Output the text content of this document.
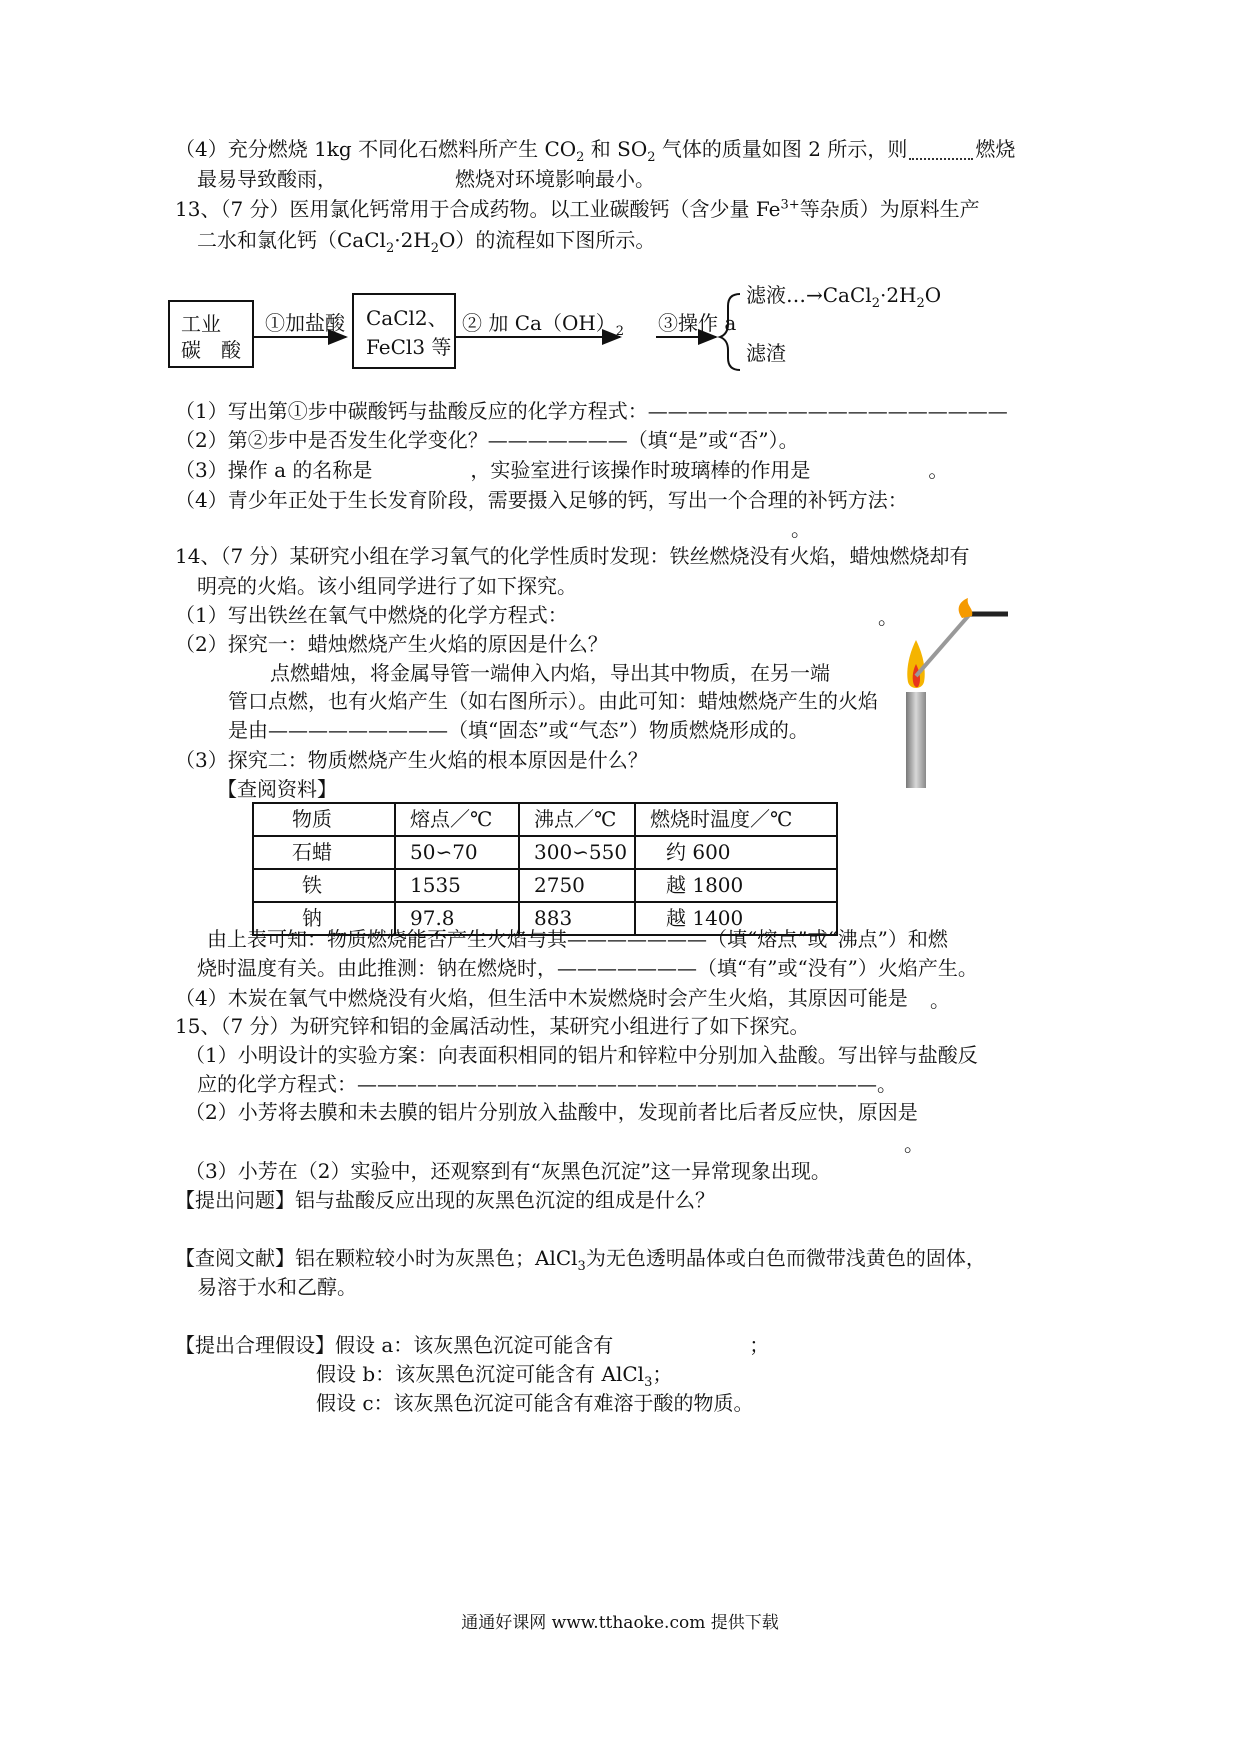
（4）充分燃烧 1kg 不同化石燃料所产生 $CO_2$ 和 $SO_2$ 气体的质量如图 2 所示，则	燃烧
最易导致酸雨，	燃烧对环境影响最小。
13、（7 分）医用氯化钙常用于合成药物。以工业碳酸钙（含少量 $Fe^{3+}$等杂质）为原料生产
二水和氯化钙$(CaCl_2\cdot 2H_2O)$的流程如下图所示。
工业
碳　酸
①加盐酸 CaCl2、
FeCl3 等
② 加 $Ca(OH)_2$ ③操作 a
滤液$\dots\to CaCl_2\cdot 2H_2O$
滤渣
（1）写出第①步中碳酸钙与盐酸反应的化学方程式：——————————————————
（2）第②步中是否发生化学变化？———————（填“是”或“否”）。
（3）操作 a 的名称是	，实验室进行该操作时玻璃棒的作用是	。
（4）青少年正处于生长发育阶段，需要摄入足够的钙，写出一个合理的补钙方法：
。
14、（7 分）某研究小组在学习氧气的化学性质时发现：铁丝燃烧没有火焰，蜡烛燃烧却有
明亮的火焰。该小组同学进行了如下探究。
（1）写出铁丝在氧气中燃烧的化学方程式：	。
（2）探究一：蜡烛燃烧产生火焰的原因是什么？
点燃蜡烛，将金属导管一端伸入内焰，导出其中物质，在另一端
管口点燃，也有火焰产生（如右图所示）。由此可知：蜡烛燃烧产生的火焰
是由—————————（填“固态”或“气态”）物质燃烧形成的。
（3）探究二：物质燃烧产生火焰的根本原因是什么？
【查阅资料】
物质	熔点／℃	沸点／℃	燃烧时温度／℃
石蜡	50∽70	300∽550	约 600
铁	1535	2750	越 1800
钠	97.8	883	越 1400
由上表可知：物质燃烧能否产生火焰与其———————（填“熔点”或“沸点”）和燃
烧时温度有关。由此推测：钠在燃烧时，———————（填“有”或“没有”）火焰产生。
（4）木炭在氧气中燃烧没有火焰，但生活中木炭燃烧时会产生火焰，其原因可能是 。
15、（7 分）为研究锌和铝的金属活动性，某研究小组进行了如下探究。
（1）小明设计的实验方案：向表面积相同的铝片和锌粒中分别加入盐酸。写出锌与盐酸反
应的化学方程式：——————————————————————————。
（2）小芳将去膜和未去膜的铝片分别放入盐酸中，发现前者比后者反应快，原因是
。
（3）小芳在（2）实验中，还观察到有“灰黑色沉淀”这一异常现象出现。
【提出问题】铝与盐酸反应出现的灰黑色沉淀的组成是什么？
【查阅文献】铝在颗粒较小时为灰黑色；AlCl$_3$为无色透明晶体或白色而微带浅黄色的固体，
易溶于水和乙醇。
【提出合理假设】假设 a：该灰黑色沉淀可能含有	；
假设 b：该灰黑色沉淀可能含有 AlCl$_3$；
假设 c：该灰黑色沉淀可能含有难溶于酸的物质。
通通好课网 www.tthaoke.com 提供下载
